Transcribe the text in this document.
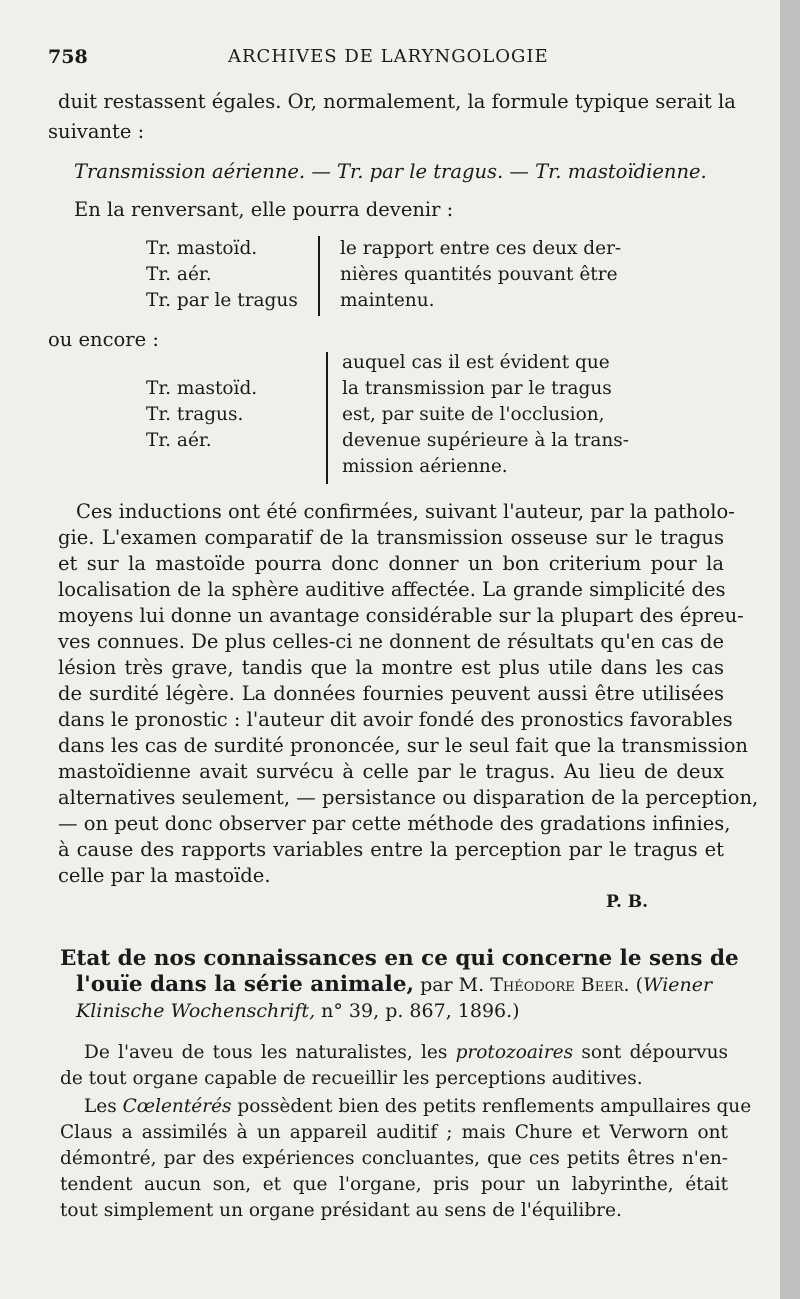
758	ARCHIVES DE LARYNGOLOGIE
duit restassent égales. Or, normalement, la formule typique serait la
suivante :
Transmission aérienne. — Tr. par le tragus. — Tr. mastoïdienne.
En la renversant, elle pourra devenir :
Tr. mastoïd.
Tr. aér.
Tr. par le tragus
le rapport entre ces deux der-
nières quantités pouvant être
maintenu.
ou encore :
Tr. mastoïd.
Tr. tragus.
Tr. aér.
auquel cas il est évident que
la transmission par le tragus
est, par suite de l'occlusion,
devenue supérieure à la trans-
mission aérienne.
Ces inductions ont été confirmées, suivant l'auteur, par la patholo-
gie. L'examen comparatif de la transmission osseuse sur le tragus
et sur la mastoïde pourra donc donner un bon criterium pour la
localisation de la sphère auditive affectée. La grande simplicité des
moyens lui donne un avantage considérable sur la plupart des épreu-
ves connues. De plus celles-ci ne donnent de résultats qu'en cas de
lésion très grave, tandis que la montre est plus utile dans les cas
de surdité légère. La données fournies peuvent aussi être utilisées
dans le pronostic : l'auteur dit avoir fondé des pronostics favorables
dans les cas de surdité prononcée, sur le seul fait que la transmission
mastoïdienne avait survécu à celle par le tragus. Au lieu de deux
alternatives seulement, — persistance ou disparation de la perception,
— on peut donc observer par cette méthode des gradations infinies,
à cause des rapports variables entre la perception par le tragus et
celle par la mastoïde.
P. B.
Etat de nos connaissances en ce qui concerne le sens de
l'ouïe dans la série animale, par M. Théodore Beer. (Wiener
Klinische Wochenschrift, n° 39, p. 867, 1896.)
De l'aveu de tous les naturalistes, les protozoaires sont dépourvus
de tout organe capable de recueillir les perceptions auditives.
Les Cœlentérés possèdent bien des petits renflements ampullaires que
Claus a assimilés à un appareil auditif ; mais Chure et Verworn ont
démontré, par des expériences concluantes, que ces petits êtres n'en-
tendent aucun son, et que l'organe, pris pour un labyrinthe, était
tout simplement un organe présidant au sens de l'équilibre.
